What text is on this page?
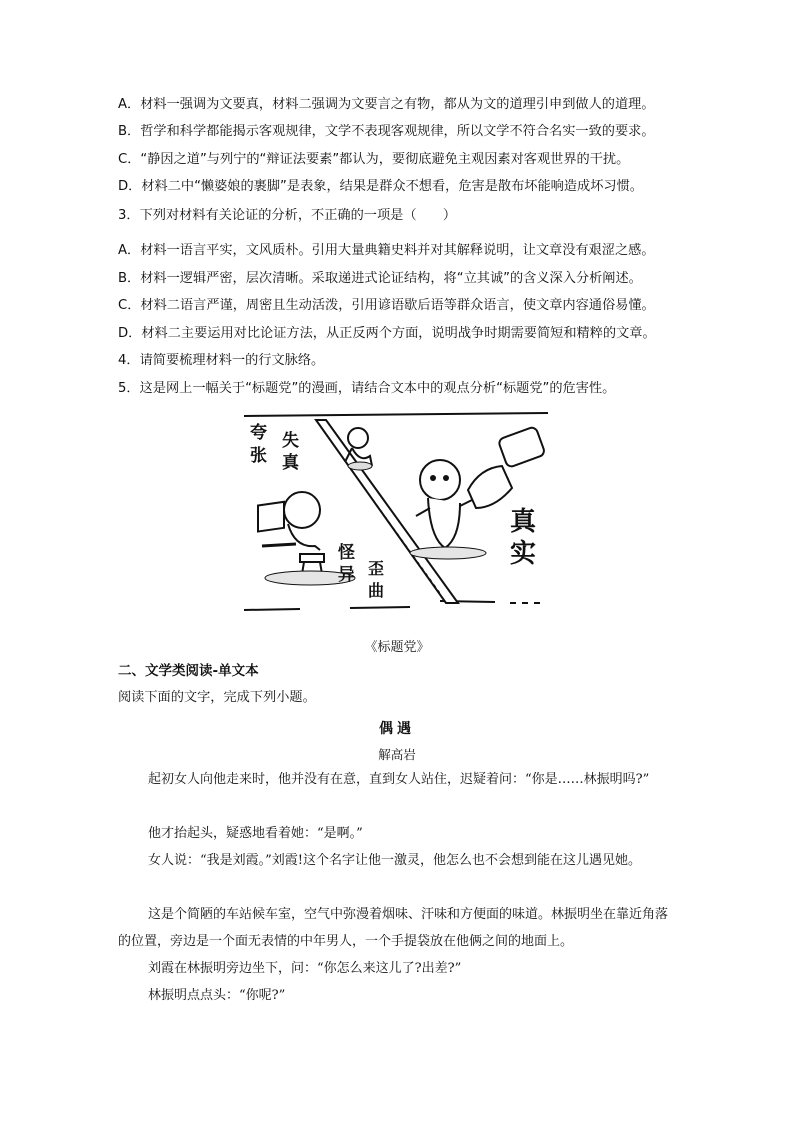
A．材料一强调为文要真，材料二强调为文要言之有物，都从为文的道理引申到做人的道理。
B．哲学和科学都能揭示客观规律，文学不表现客观规律，所以文学不符合名实一致的要求。
C．“静因之道”与列宁的“辩证法要素”都认为，要彻底避免主观因素对客观世界的干扰。
D．材料二中“懒婆娘的裹脚”是表象，结果是群众不想看，危害是散布坏能响造成坏习惯。
3．下列对材料有关论证的分析，不正确的一项是（　　）
A．材料一语言平实，文风质朴。引用大量典籍史料并对其解释说明，让文章没有艰涩之感。
B．材料一逻辑严密，层次清晰。采取递进式论证结构，将“立其诚”的含义深入分析阐述。
C．材料二语言严谨，周密且生动活泼，引用谚语歇后语等群众语言，使文章内容通俗易懂。
D．材料二主要运用对比论证方法，从正反两个方面，说明战争时期需要简短和精粹的文章。
4．请简要梳理材料一的行文脉络。
5．这是网上一幅关于“标题党”的漫画，请结合文本中的观点分析“标题党”的危害性。
夸
张
失
真
怪
异 歪
曲
真
实
《标题党》
二、文学类阅读-单文本
阅读下面的文字，完成下列小题。
偶遇
解高岩
起初女人向他走来时，他并没有在意，直到女人站住，迟疑着问：“你是……林振明吗?”
他才抬起头，疑惑地看着她：“是啊。”
女人说：“我是刘霞。”刘霞!这个名字让他一激灵，他怎么也不会想到能在这儿遇见她。
这是个简陋的车站候车室，空气中弥漫着烟味、汗味和方便面的味道。林振明坐在靠近角落的位置，旁边是一个面无表情的中年男人，一个手提袋放在他俩之间的地面上。
刘霞在林振明旁边坐下，问：“你怎么来这儿了?出差?”
林振明点点头：“你呢?”
